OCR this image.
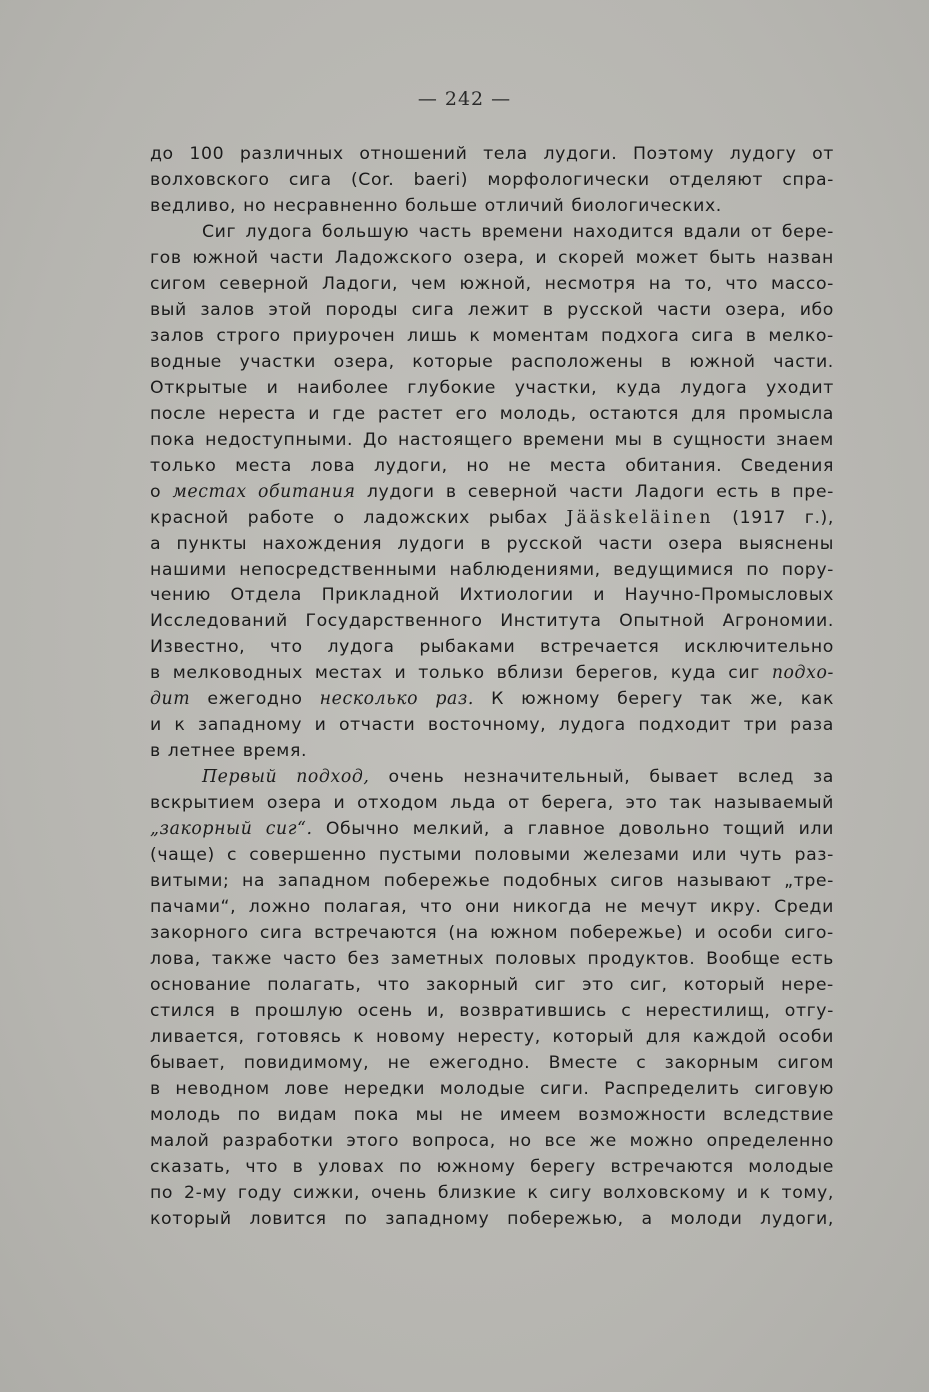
— 242 —
до 100 различных отношений тела лудоги. Поэтому лудогу от
волховского сига (Cor. baeri) морфологически отделяют спра-
ведливо, но несравненно больше отличий биологических.
Сиг лудога большую часть времени находится вдали от бере-
гов южной части Ладожского озера, и скорей может быть назван
сигом северной Ладоги, чем южной, несмотря на то, что массо-
вый залов этой породы сига лежит в русской части озера, ибо
залов строго приурочен лишь к моментам подхога сига в мелко-
водные участки озера, которые расположены в южной части.
Открытые и наиболее глубокие участки, куда лудога уходит
после нереста и где растет его молодь, остаются для промысла
пока недоступными. До настоящего времени мы в сущности знаем
только места лова лудоги, но не места обитания. Сведения
о местах обитания лудоги в северной части Ладоги есть в пре-
красной работе о ладожских рыбах Jääskeläinen (1917 г.),
а пункты нахождения лудоги в русской части озера выяснены
нашими непосредственными наблюдениями, ведущимися по пору-
чению Отдела Прикладной Ихтиологии и Научно-Промысловых
Исследований Государственного Института Опытной Агрономии.
Известно, что лудога рыбаками встречается исключительно
в мелководных местах и только вблизи берегов, куда сиг подхо-
дит ежегодно несколько раз. К южному берегу так же, как
и к западному и отчасти восточному, лудога подходит три раза
в летнее время.
Первый подход, очень незначительный, бывает вслед за
вскрытием озера и отходом льда от берега, это так называемый
„закорный сиг“. Обычно мелкий, а главное довольно тощий или
(чаще) с совершенно пустыми половыми железами или чуть раз-
витыми; на западном побережье подобных сигов называют „тре-
пачами“, ложно полагая, что они никогда не мечут икру. Среди
закорного сига встречаются (на южном побережье) и особи сиго-
лова, также часто без заметных половых продуктов. Вообще есть
основание полагать, что закорный сиг это сиг, который нере-
стился в прошлую осень и, возвратившись с нерестилищ, отгу-
ливается, готовясь к новому нересту, который для каждой особи
бывает, повидимому, не ежегодно. Вместе с закорным сигом
в неводном лове нередки молодые сиги. Распределить сиговую
молодь по видам пока мы не имеем возможности вследствие
малой разработки этого вопроса, но все же можно определенно
сказать, что в уловах по южному берегу встречаются молодые
по 2-му году сижки, очень близкие к сигу волховскому и к тому,
который ловится по западному побережью, а молоди лудоги,
